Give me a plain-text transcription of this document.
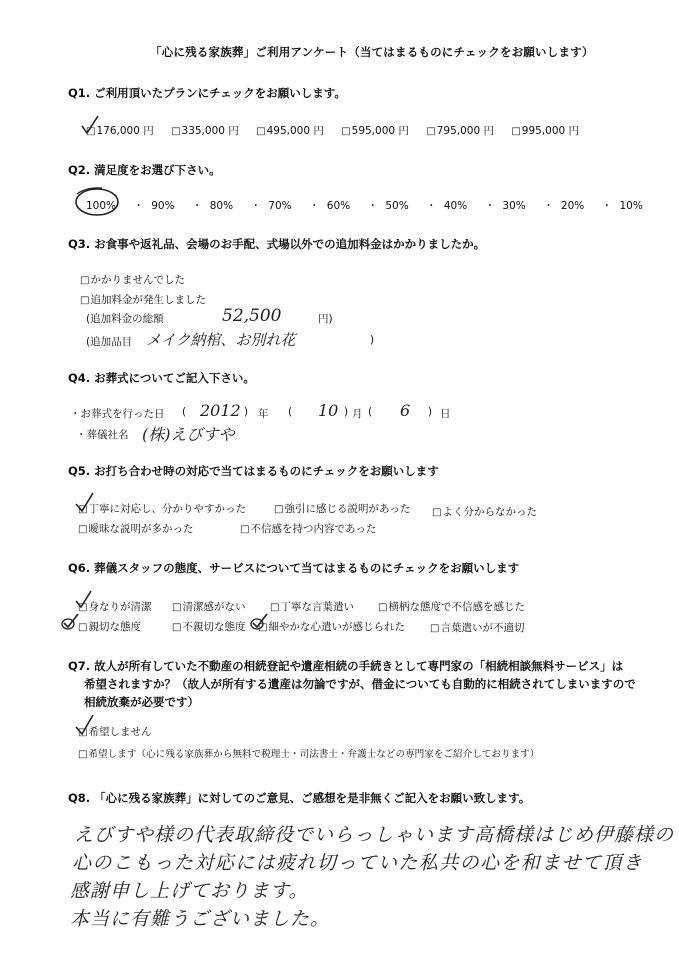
「心に残る家族葬」ご利用アンケート（当てはまるものにチェックをお願いします）
Q1. ご利用頂いたプランにチェックをお願いします。
□176,000 円 □335,000 円 □495,000 円 □595,000 円 □795,000 円 □995,000 円
Q2. 満足度をお選び下さい。
100% ・ 90% ・ 80% ・ 70% ・ 60% ・ 50% ・ 40% ・ 30% ・ 20% ・ 10%
Q3. お食事や返礼品、会場のお手配、式場以外での追加料金はかかりましたか。
□かかりませんでした
□追加料金が発生しました
(追加料金の総額	52,500	円)
(追加品目 メイク納棺、お別れ花	)
Q4. お葬式についてご記入下さい。
・お葬式を行った日 ( 2012 ) 年 ( 10 ) 月 ( 6 ) 日
・葬儀社名 (株)えびすや
Q5. お打ち合わせ時の対応で当てはまるものにチェックをお願いします
□丁寧に対応し、分かりやすかった	□強引に感じる説明があった □よく分からなかった
□曖昧な説明が多かった	□不信感を持つ内容であった
Q6. 葬儀スタッフの態度、サービスについて当てはまるものにチェックをお願いします
□身なりが清潔 □清潔感がない □丁寧な言葉遣い □横柄な態度で不信感を感じた
□親切な態度	□不親切な態度 □細やかな心遣いが感じられた	□言葉遣いが不適切
Q7. 故人が所有していた不動産の相続登記や遺産相続の手続きとして専門家の「相続相談無料サービス」は
希望されますか？（故人が所有する遺産は勿論ですが、借金についても自動的に相続されてしまいますので
相続放棄が必要です）
□希望しません
□希望します（心に残る家族葬から無料で税理士・司法書士・弁護士などの専門家をご紹介しております）
Q8. 「心に残る家族葬」に対してのご意見、ご感想を是非無くご記入をお願い致します。
えびすや様の代表取締役でいらっしゃいます高橋様はじめ伊藤様の
心のこもった対応には疲れ切っていた私共の心を和ませて頂き
感謝申し上げております。
本当に有難うございました。
